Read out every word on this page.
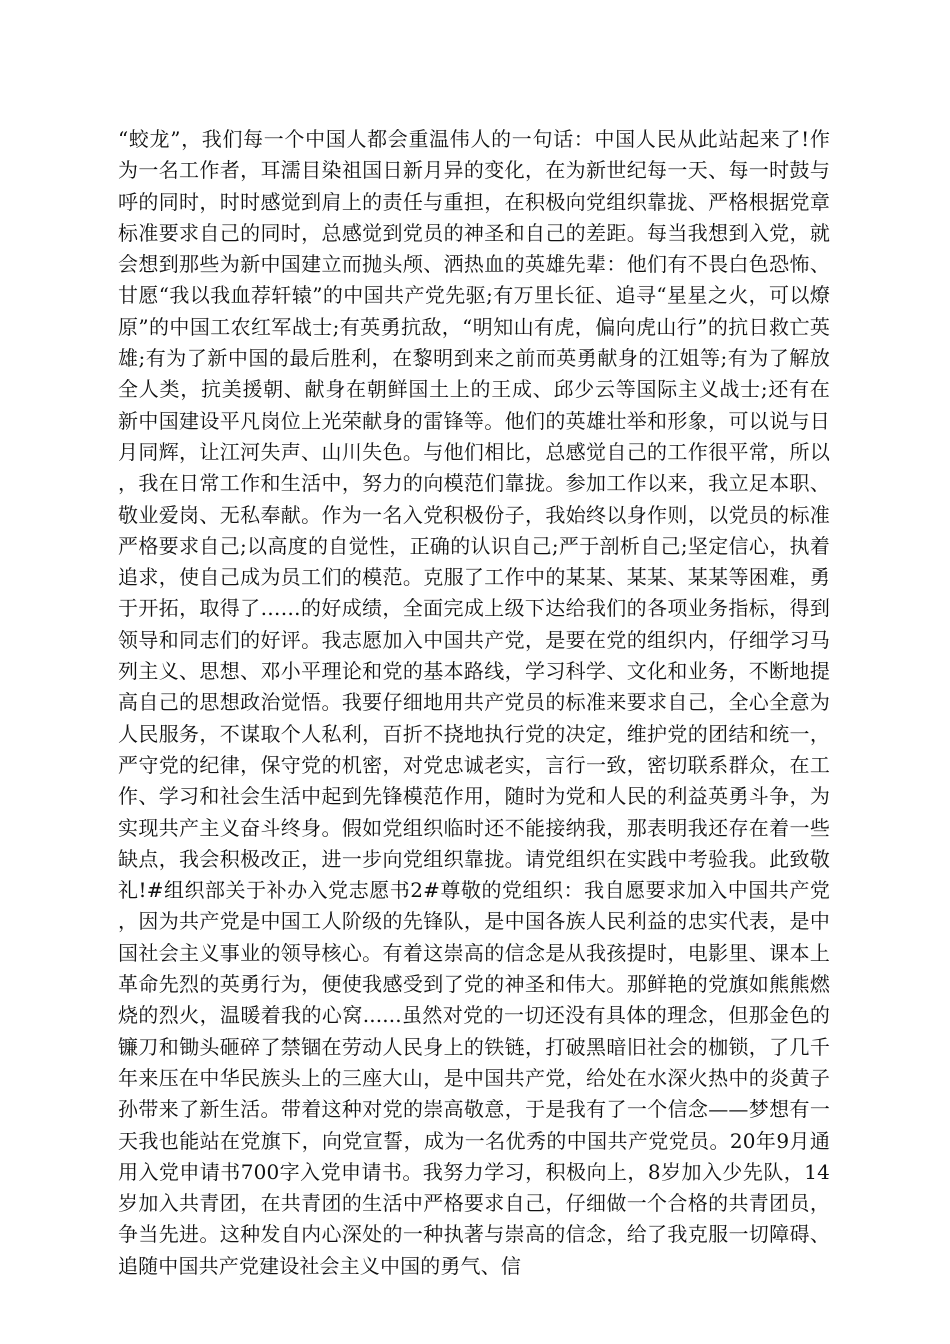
“蛟龙”，我们每一个中国人都会重温伟人的一句话：中国人民从此站起来了!作为一名工作者，耳濡目染祖国日新月异的变化，在为新世纪每一天、每一时鼓与呼的同时，时时感觉到肩上的责任与重担，在积极向党组织靠拢、严格根据党章标准要求自己的同时，总感觉到党员的神圣和自己的差距。每当我想到入党，就会想到那些为新中国建立而抛头颅、洒热血的英雄先辈：他们有不畏白色恐怖、甘愿“我以我血荐轩辕”的中国共产党先驱;有万里长征、追寻“星星之火，可以燎原”的中国工农红军战士;有英勇抗敌，“明知山有虎，偏向虎山行”的抗日救亡英雄;有为了新中国的最后胜利，在黎明到来之前而英勇献身的江姐等;有为了解放全人类，抗美援朝、献身在朝鲜国土上的王成、邱少云等国际主义战士;还有在新中国建设平凡岗位上光荣献身的雷锋等。他们的英雄壮举和形象，可以说与日月同辉，让江河失声、山川失色。与他们相比，总感觉自己的工作很平常，所以，我在日常工作和生活中，努力的向模范们靠拢。参加工作以来，我立足本职、敬业爱岗、无私奉献。作为一名入党积极份子，我始终以身作则，以党员的标准严格要求自己;以高度的自觉性，正确的认识自己;严于剖析自己;坚定信心，执着追求，使自己成为员工们的模范。克服了工作中的某某、某某、某某等困难，勇于开拓，取得了……的好成绩，全面完成上级下达给我们的各项业务指标，得到领导和同志们的好评。我志愿加入中国共产党，是要在党的组织内，仔细学习马列主义、思想、邓小平理论和党的基本路线，学习科学、文化和业务，不断地提高自己的思想政治觉悟。我要仔细地用共产党员的标准来要求自己，全心全意为人民服务，不谋取个人私利，百折不挠地执行党的决定，维护党的团结和统一，严守党的纪律，保守党的机密，对党忠诚老实，言行一致，密切联系群众，在工作、学习和社会生活中起到先锋模范作用，随时为党和人民的利益英勇斗争，为实现共产主义奋斗终身。假如党组织临时还不能接纳我，那表明我还存在着一些缺点，我会积极改正，进一步向党组织靠拢。请党组织在实践中考验我。此致敬礼!#组织部关于补办入党志愿书2#尊敬的党组织：我自愿要求加入中国共产党，因为共产党是中国工人阶级的先锋队，是中国各族人民利益的忠实代表，是中国社会主义事业的领导核心。有着这崇高的信念是从我孩提时，电影里、课本上革命先烈的英勇行为，便使我感受到了党的神圣和伟大。那鲜艳的党旗如熊熊燃烧的烈火，温暖着我的心窝......虽然对党的一切还没有具体的理念，但那金色的镰刀和锄头砸碎了禁锢在劳动人民身上的铁链，打破黑暗旧社会的枷锁，了几千年来压在中华民族头上的三座大山，是中国共产党，给处在水深火热中的炎黄子孙带来了新生活。带着这种对党的崇高敬意，于是我有了一个信念——梦想有一天我也能站在党旗下，向党宣誓，成为一名优秀的中国共产党党员。20年9月通用入党申请书700字入党申请书。我努力学习，积极向上，8岁加入少先队，14岁加入共青团，在共青团的生活中严格要求自己，仔细做一个合格的共青团员，争当先进。这种发自内心深处的一种执著与崇高的信念，给了我克服一切障碍、追随中国共产党建设社会主义中国的勇气、信
